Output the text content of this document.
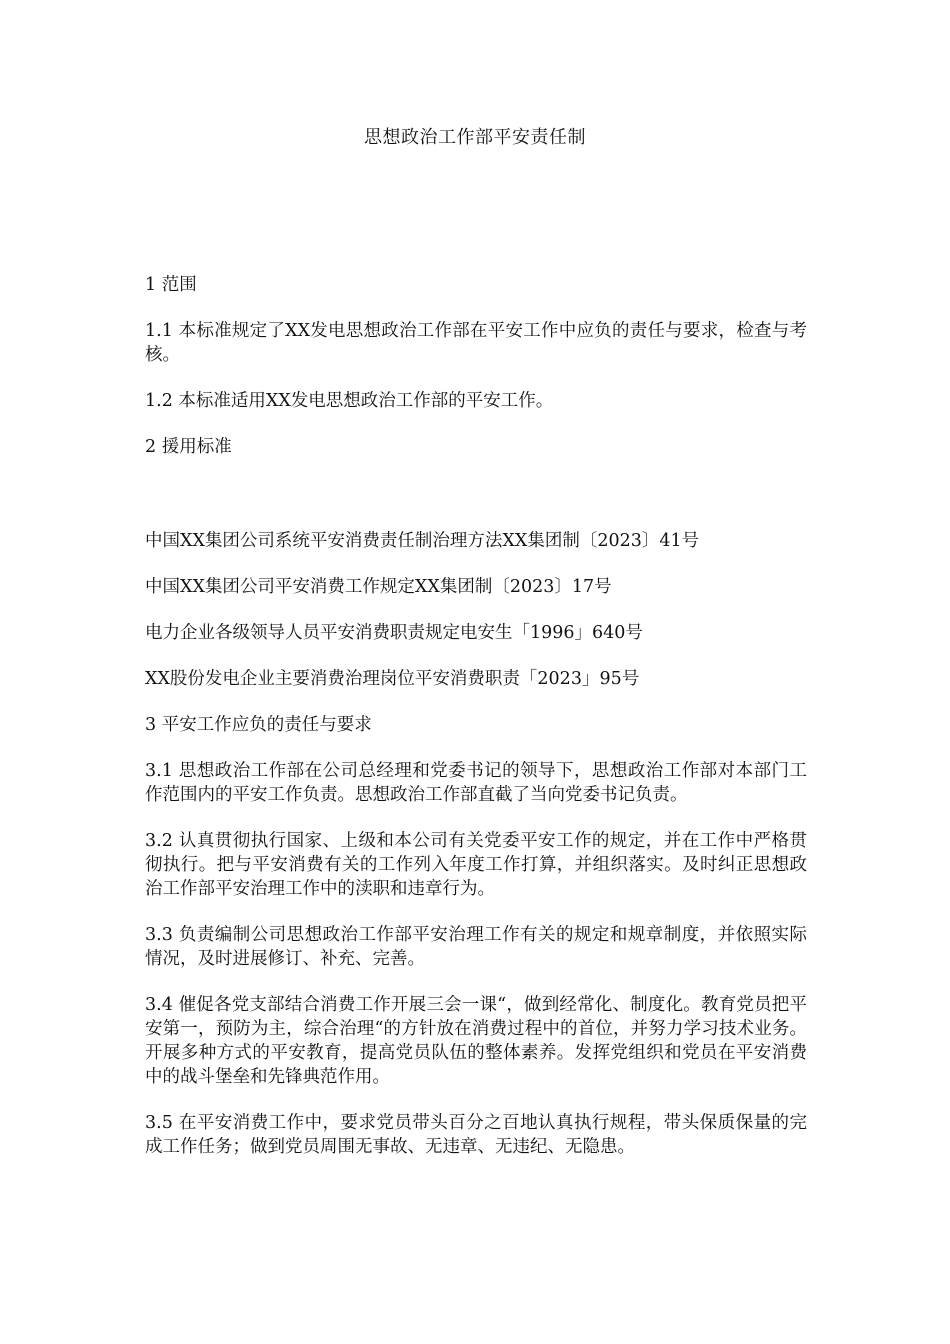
思想政治工作部平安责任制

1 范围

1.1 本标准规定了XX发电思想政治工作部在平安工作中应负的责任与要求，检查与考核。

1.2 本标准适用XX发电思想政治工作部的平安工作。

2 援用标准

中国XX集团公司系统平安消费责任制治理方法XX集团制〔2023〕41号

中国XX集团公司平安消费工作规定XX集团制〔2023〕17号

电力企业各级领导人员平安消费职责规定电安生「1996」640号

XX股份发电企业主要消费治理岗位平安消费职责「2023」95号

3 平安工作应负的责任与要求

3.1 思想政治工作部在公司总经理和党委书记的领导下，思想政治工作部对本部门工作范围内的平安工作负责。思想政治工作部直截了当向党委书记负责。

3.2 认真贯彻执行国家、上级和本公司有关党委平安工作的规定，并在工作中严格贯彻执行。把与平安消费有关的工作列入年度工作打算，并组织落实。及时纠正思想政治工作部平安治理工作中的渎职和违章行为。

3.3 负责编制公司思想政治工作部平安治理工作有关的规定和规章制度，并依照实际情况，及时进展修订、补充、完善。

3.4 催促各党支部结合消费工作开展三会一课“，做到经常化、制度化。教育党员把平安第一，预防为主，综合治理“的方针放在消费过程中的首位，并努力学习技术业务。开展多种方式的平安教育，提高党员队伍的整体素养。发挥党组织和党员在平安消费中的战斗堡垒和先锋典范作用。

3.5 在平安消费工作中，要求党员带头百分之百地认真执行规程，带头保质保量的完成工作任务；做到党员周围无事故、无违章、无违纪、无隐患。
